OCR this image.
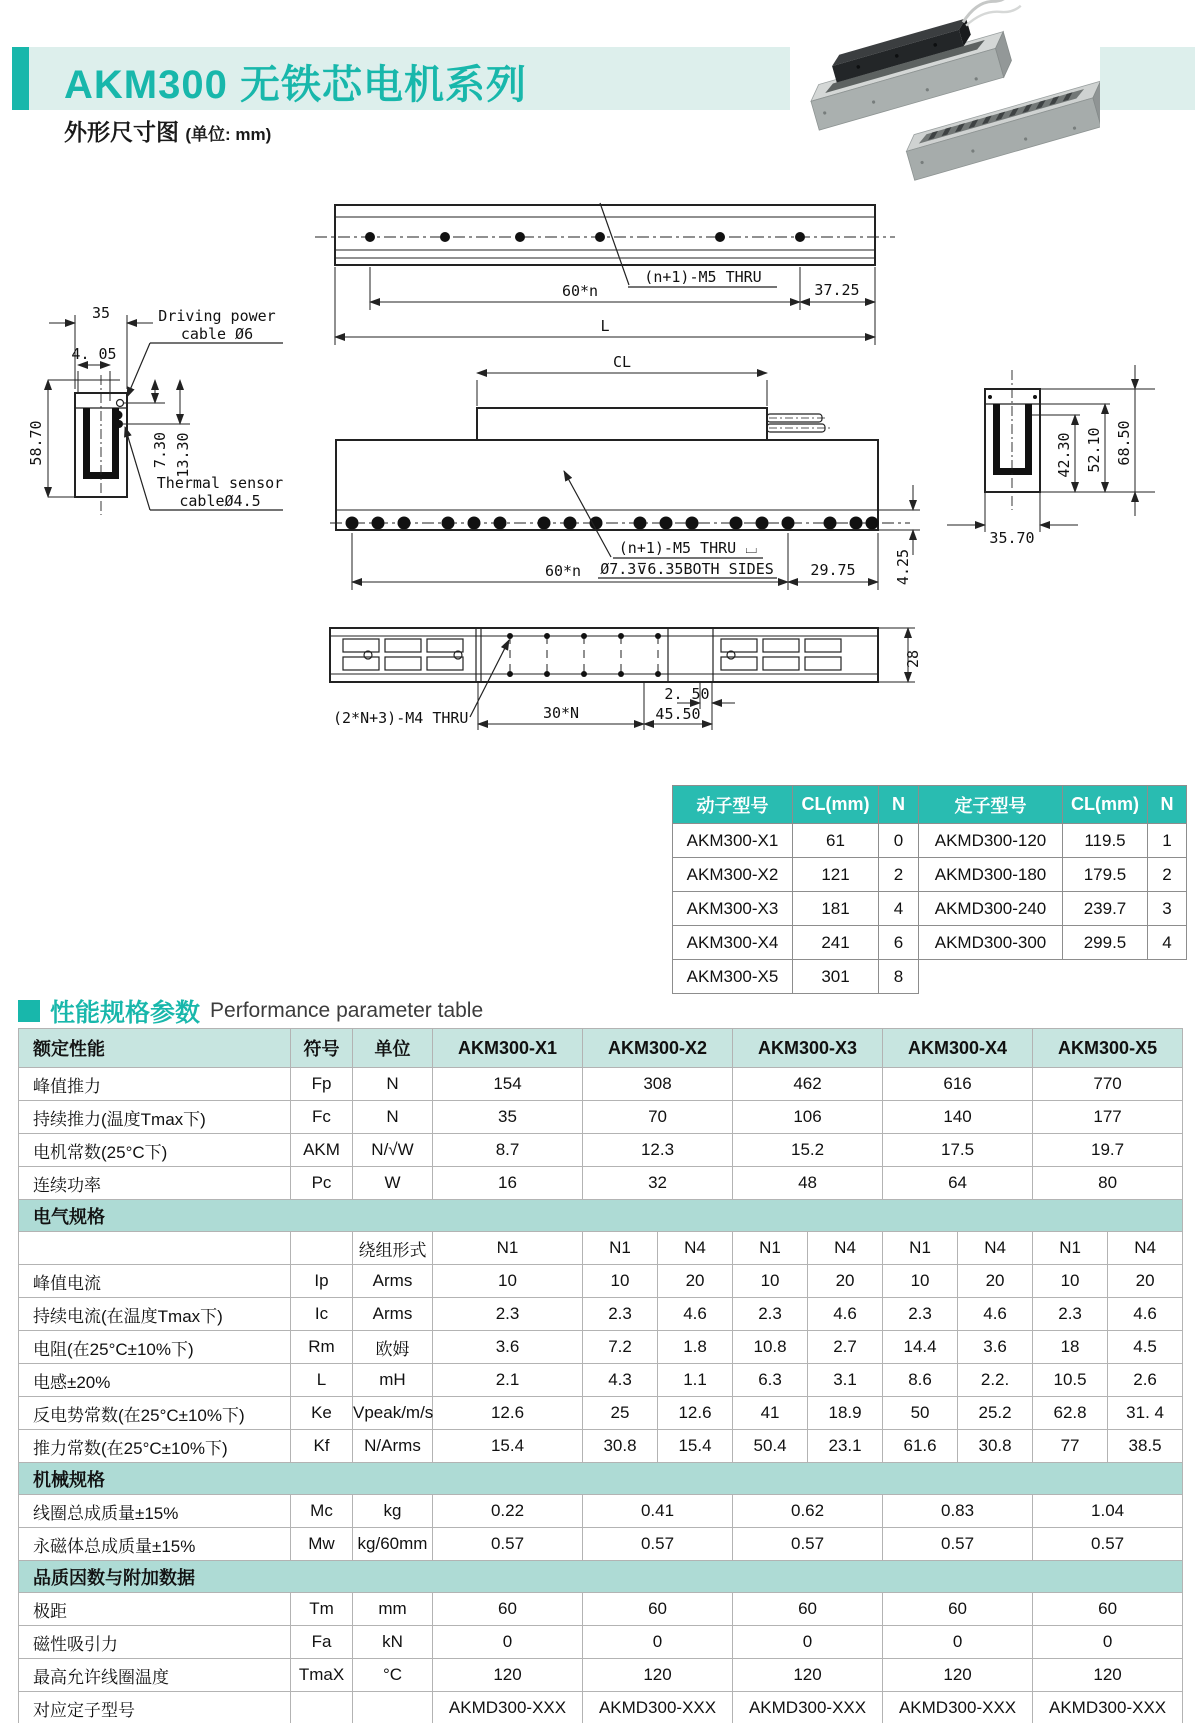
AKM300 无铁芯电机系列
外形尺寸图 (单位: mm)
(n+1)-M5 THRU
60*n	37.25
L
CL
(n+1)-M5 THRU ⌴
Ø7.3⊽6.35BOTH SIDES
60*n	29.75	4.25
35
4. 05
58.70	7.30 13.30
Driving power
cable Ø6
Thermal sensor
cableØ4.5
42.30 52.10 68.50
35.70
28
(2*N+3)-M4 THRU	30*N
2. 50
45.50
动子型号	CL(mm)	N	定子型号	CL(mm)	N
AKM300-X1	61	0	AKMD300-120	119.5	1
AKM300-X2	121	2	AKMD300-180	179.5	2
AKM300-X3	181	4	AKMD300-240	239.7	3
AKM300-X4	241	6	AKMD300-300	299.5	4
AKM300-X5	301	8			
性能规格参数 Performance parameter table
额定性能	符号	单位	AKM300-X1	AKM300-X2		AKM300-X3		AKM300-X4		AKM300-X5	
峰值推力	Fp	N	154	308		462		616		770	
持续推力(温度Tmax下)	Fc	N	35	70		106		140		177	
电机常数(25°C下)	AKM	N/√W	8.7	12.3		15.2		17.5		19.7	
连续功率	Pc	W	16	32		48		64		80	
电气规格											
		绕组形式	N1	N1	N4	N1	N4	N1	N4	N1	N4
峰值电流	Ip	Arms	10	10	20	10	20	10	20	10	20
持续电流(在温度Tmax下)	Ic	Arms	2.3	2.3	4.6	2.3	4.6	2.3	4.6	2.3	4.6
电阻(在25°C±10%下)	Rm	欧姆	3.6	7.2	1.8	10.8	2.7	14.4	3.6	18	4.5
电感±20%	L	mH	2.1	4.3	1.1	6.3	3.1	8.6	2.2.	10.5	2.6
反电势常数(在25°C±10%下)	Ke	Vpeak/m/s	12.6	25	12.6	41	18.9	50	25.2	62.8	31. 4
推力常数(在25°C±10%下)	Kf	N/Arms	15.4	30.8	15.4	50.4	23.1	61.6	30.8	77	38.5
机械规格											
线圈总成质量±15%	Mc	kg	0.22	0.41		0.62		0.83		1.04	
永磁体总成质量±15%	Mw	kg/60mm	0.57	0.57		0.57		0.57		0.57	
品质因数与附加数据											
极距	Tm	mm	60	60		60		60		60	
磁性吸引力	Fa	kN	0	0		0		0		0	
最高允许线圈温度	TmaX	°C	120	120		120		120		120	
对应定子型号			AKMD300-XXX	AKMD300-XXX		AKMD300-XXX		AKMD300-XXX		AKMD300-XXX	
